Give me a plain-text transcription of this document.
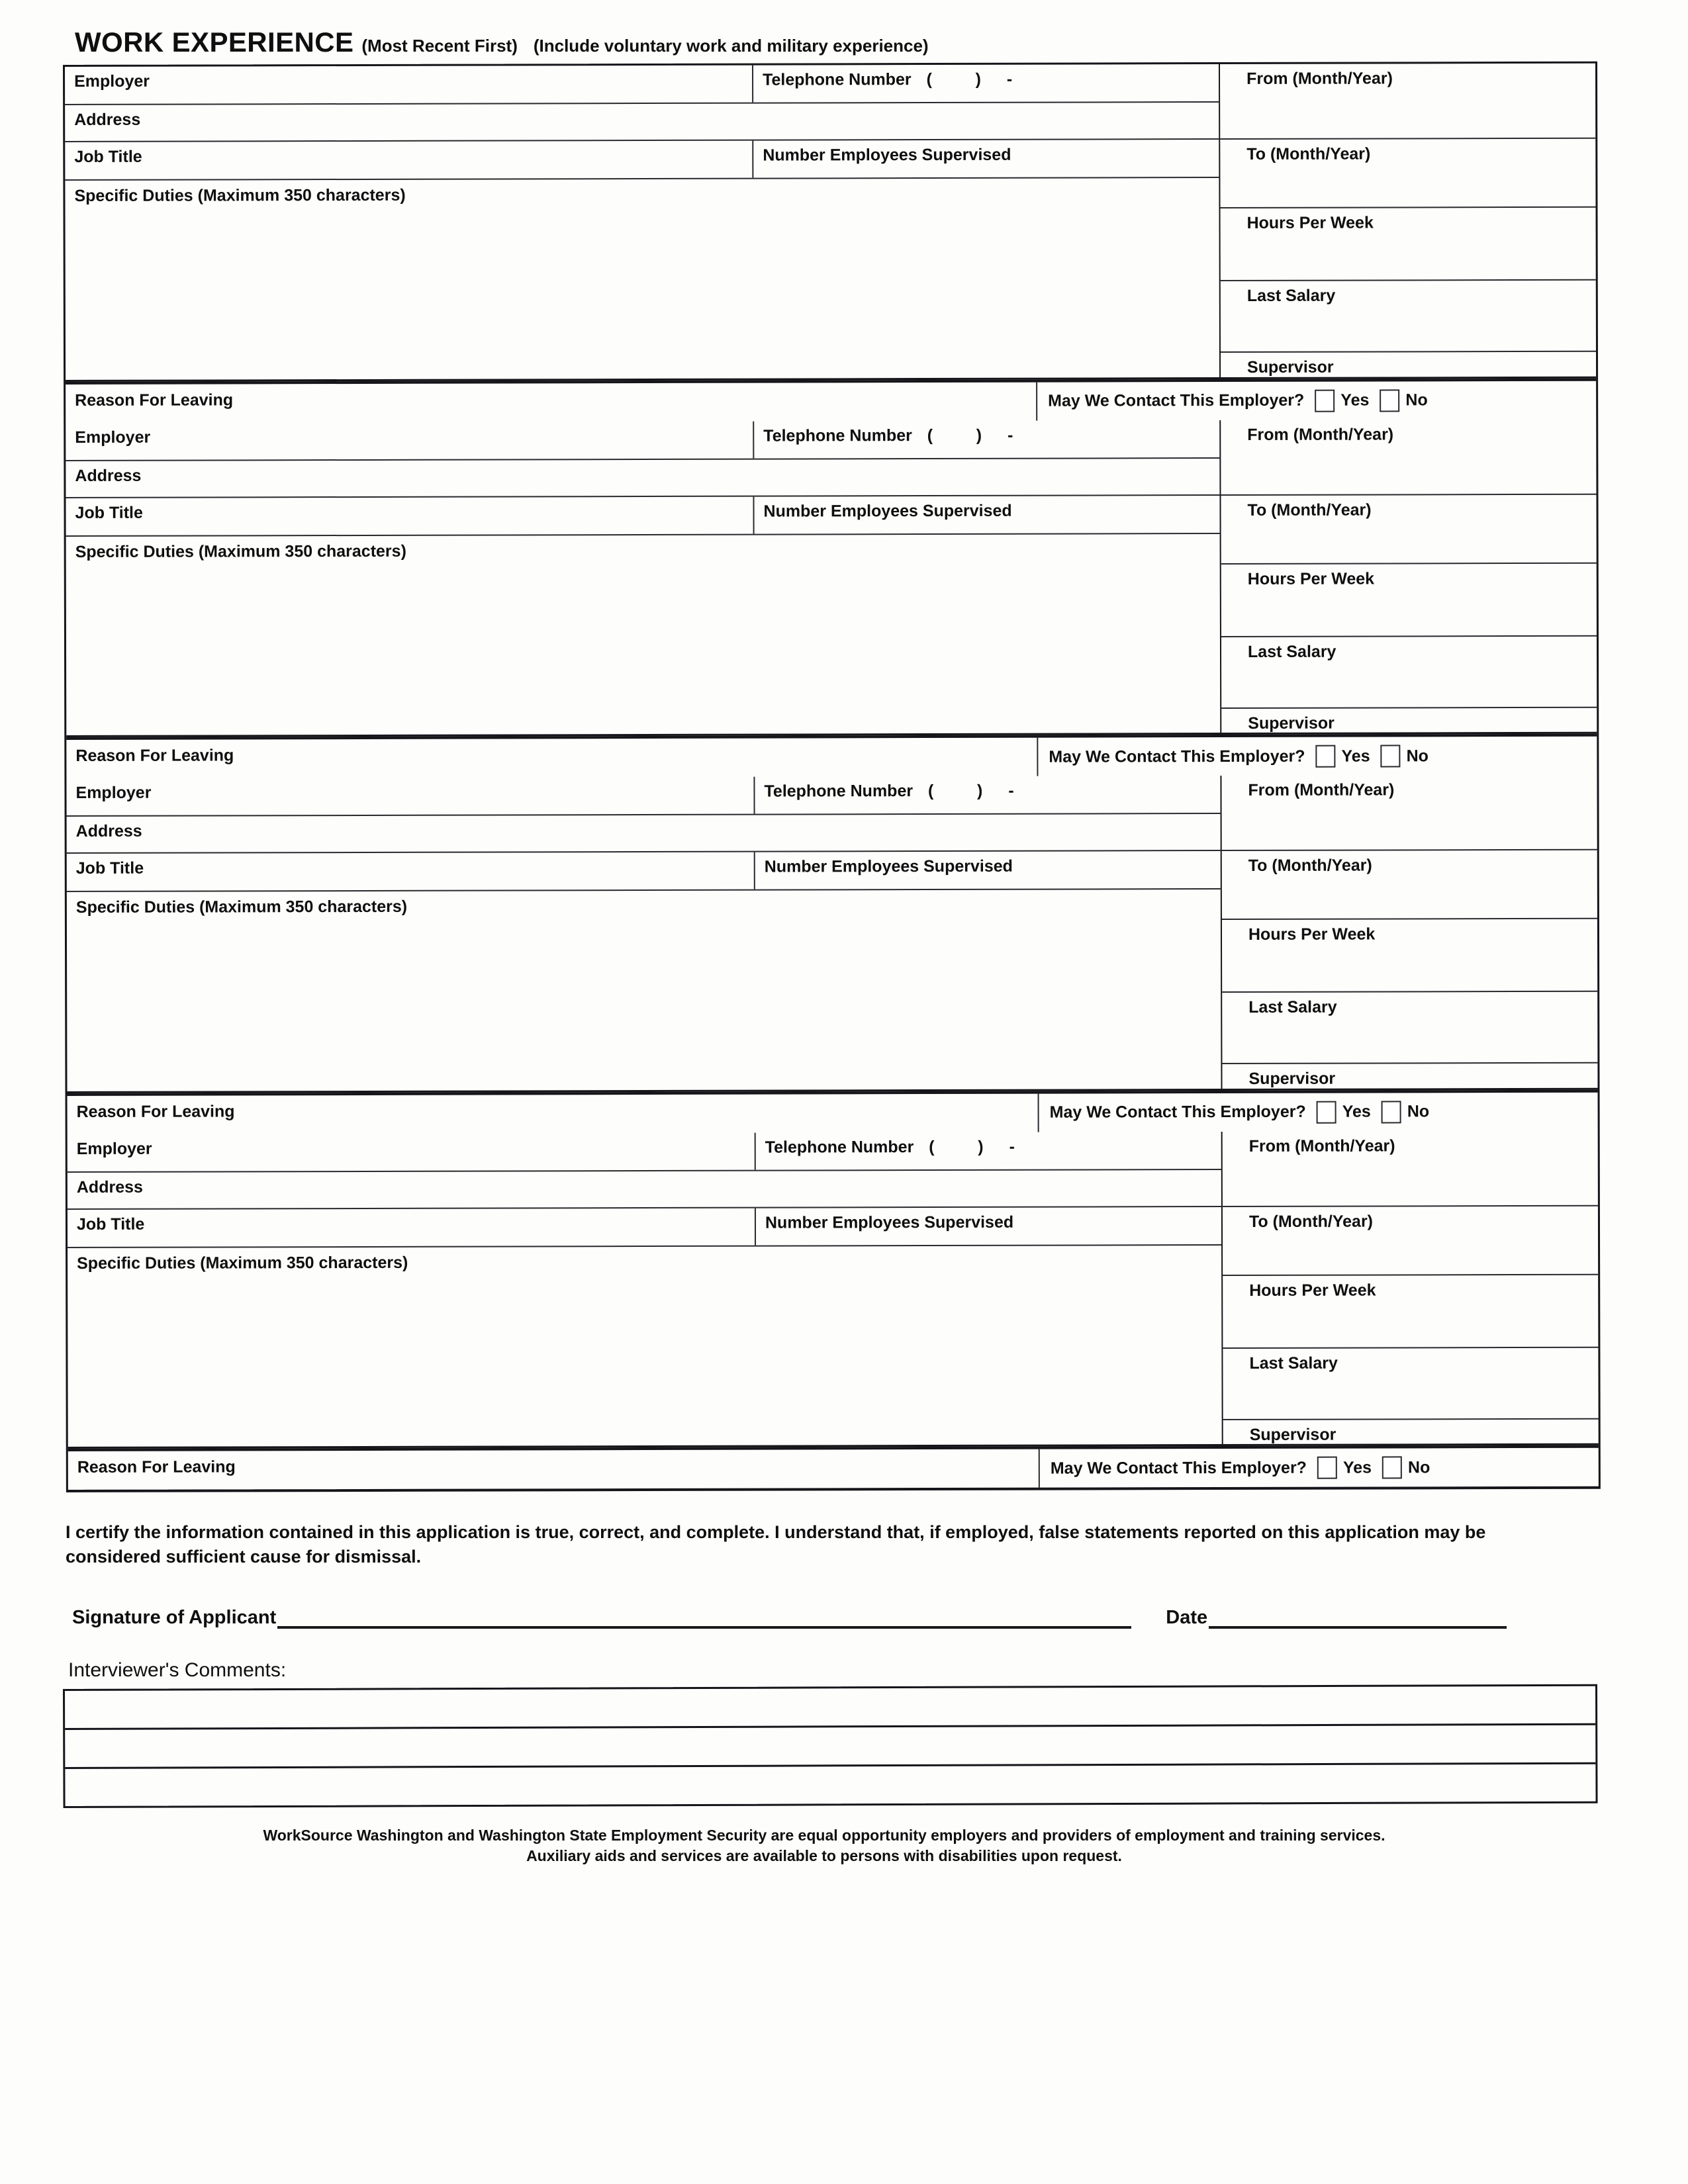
WORK EXPERIENCE (Most Recent First) (Include voluntary work and military experience)
Employer	Telephone Number (	) -
Address
Job Title	Number Employees Supervised
Specific Duties (Maximum 350 characters)
From (Month/Year)
To (Month/Year)
Hours Per Week
Last Salary
Supervisor
Reason For Leaving	May We Contact This Employer? Yes No
Employer	Telephone Number (	) -
Address
Job Title	Number Employees Supervised
Specific Duties (Maximum 350 characters)
From (Month/Year)
To (Month/Year)
Hours Per Week
Last Salary
Supervisor
Reason For Leaving	May We Contact This Employer? Yes No
Employer	Telephone Number (	) -
Address
Job Title	Number Employees Supervised
Specific Duties (Maximum 350 characters)
From (Month/Year)
To (Month/Year)
Hours Per Week
Last Salary
Supervisor
Reason For Leaving	May We Contact This Employer? Yes No
Employer	Telephone Number (	) -
Address
Job Title	Number Employees Supervised
Specific Duties (Maximum 350 characters)
From (Month/Year)
To (Month/Year)
Hours Per Week
Last Salary
Supervisor
Reason For Leaving	May We Contact This Employer? Yes No
I certify the information contained in this application is true, correct, and complete. I understand that, if employed, false statements reported on this application may be considered sufficient cause for dismissal.
Signature of Applicant	Date
Interviewer's Comments:
WorkSource Washington and Washington State Employment Security are equal opportunity employers and providers of employment and training services.
Auxiliary aids and services are available to persons with disabilities upon request.
